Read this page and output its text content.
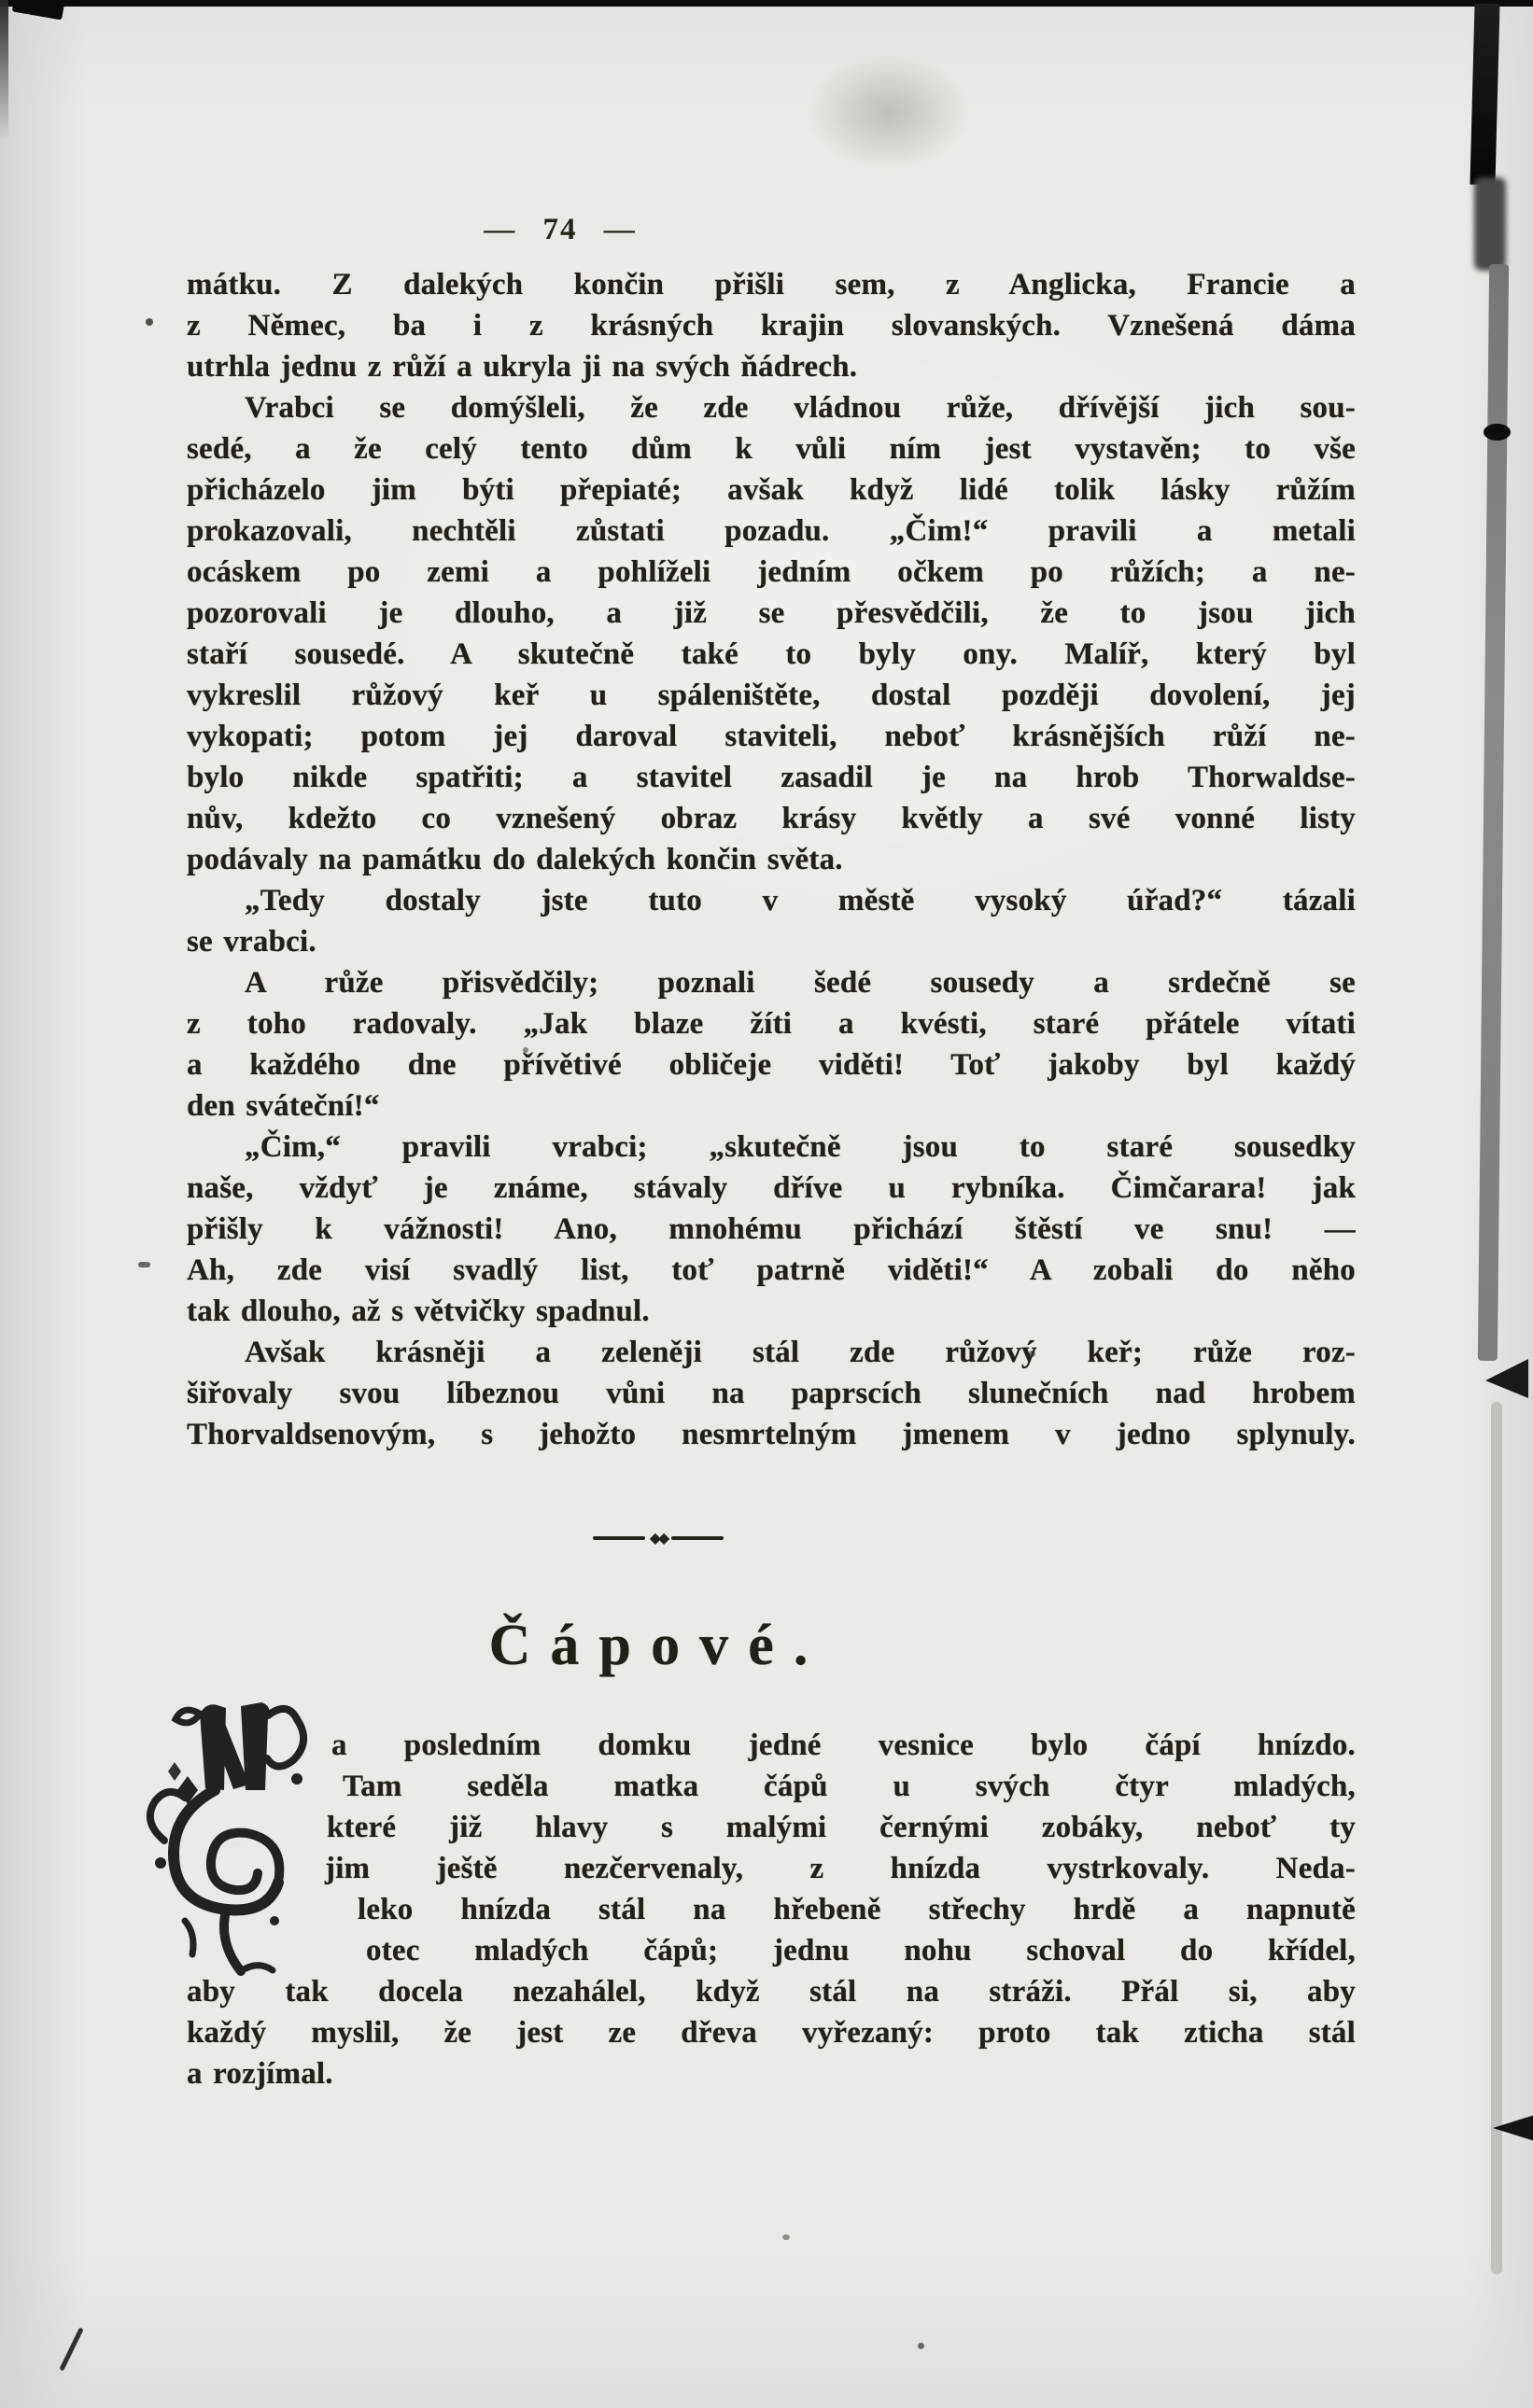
— 74 —
mátku. Z dalekých končin přišli sem, z Anglicka, Francie a
z Němec, ba i z krásných krajin slovanských. Vznešená dáma
utrhla jednu z růží a ukryla ji na svých ňádrech.
Vrabci se domýšleli, že zde vládnou růže, dřívější jich sou-
sedé, a že celý tento dům k vůli ním jest vystavěn; to vše
přicházelo jim býti přepiaté; avšak když lidé tolik lásky růžím
prokazovali, nechtěli zůstati pozadu. „Čim!“ pravili a metali
ocáskem po zemi a pohlíželi jedním očkem po růžích; a ne-
pozorovali je dlouho, a již se přesvědčili, že to jsou jich
staří sousedé. A skutečně také to byly ony. Malíř, který byl
vykreslil růžový keř u spáleništěte, dostal později dovolení, jej
vykopati; potom jej daroval staviteli, neboť krásnějších růží ne-
bylo nikde spatřiti; a stavitel zasadil je na hrob Thorwaldse-
nův, kdežto co vznešený obraz krásy květly a své vonné listy
podávaly na památku do dalekých končin světa.
„Tedy dostaly jste tuto v městě vysoký úřad?“ tázali
se vrabci.
A růže přisvědčily; poznali šedé sousedy a srdečně se
z toho radovaly. „Jak blaze žíti a kvésti, staré přátele vítati
a každého dne přívětivé obličeje viděti! Toť jakoby byl každý
den sváteční!“
„Čim,“ pravili vrabci; „skutečně jsou to staré sousedky
naše, vždyť je známe, stávaly dříve u rybníka. Čimčarara! jak
přišly k vážnosti! Ano, mnohému přichází štěstí ve snu! —
Ah, zde visí svadlý list, toť patrně viděti!“ A zobali do něho
tak dlouho, až s větvičky spadnul.
Avšak krásněji a zeleněji stál zde růžový keř; růže roz-
šiřovaly svou líbeznou vůni na paprscích slunečních nad hrobem
Thorvaldsenovým, s jehožto nesmrtelným jmenem v jedno splynuly.
◆◆
Čápové.
a posledním domku jedné vesnice bylo čápí hnízdo.
Tam seděla matka čápů u svých čtyr mladých,
které již hlavy s malými černými zobáky, neboť ty
jim ještě nezčervenaly, z hnízda vystrkovaly. Neda-
leko hnízda stál na hřebeně střechy hrdě a napnutě
otec mladých čápů; jednu nohu schoval do křídel,
aby tak docela nezahálel, když stál na stráži. Přál si, aby
každý myslil, že jest ze dřeva vyřezaný: proto tak zticha stál
a rozjímal.
